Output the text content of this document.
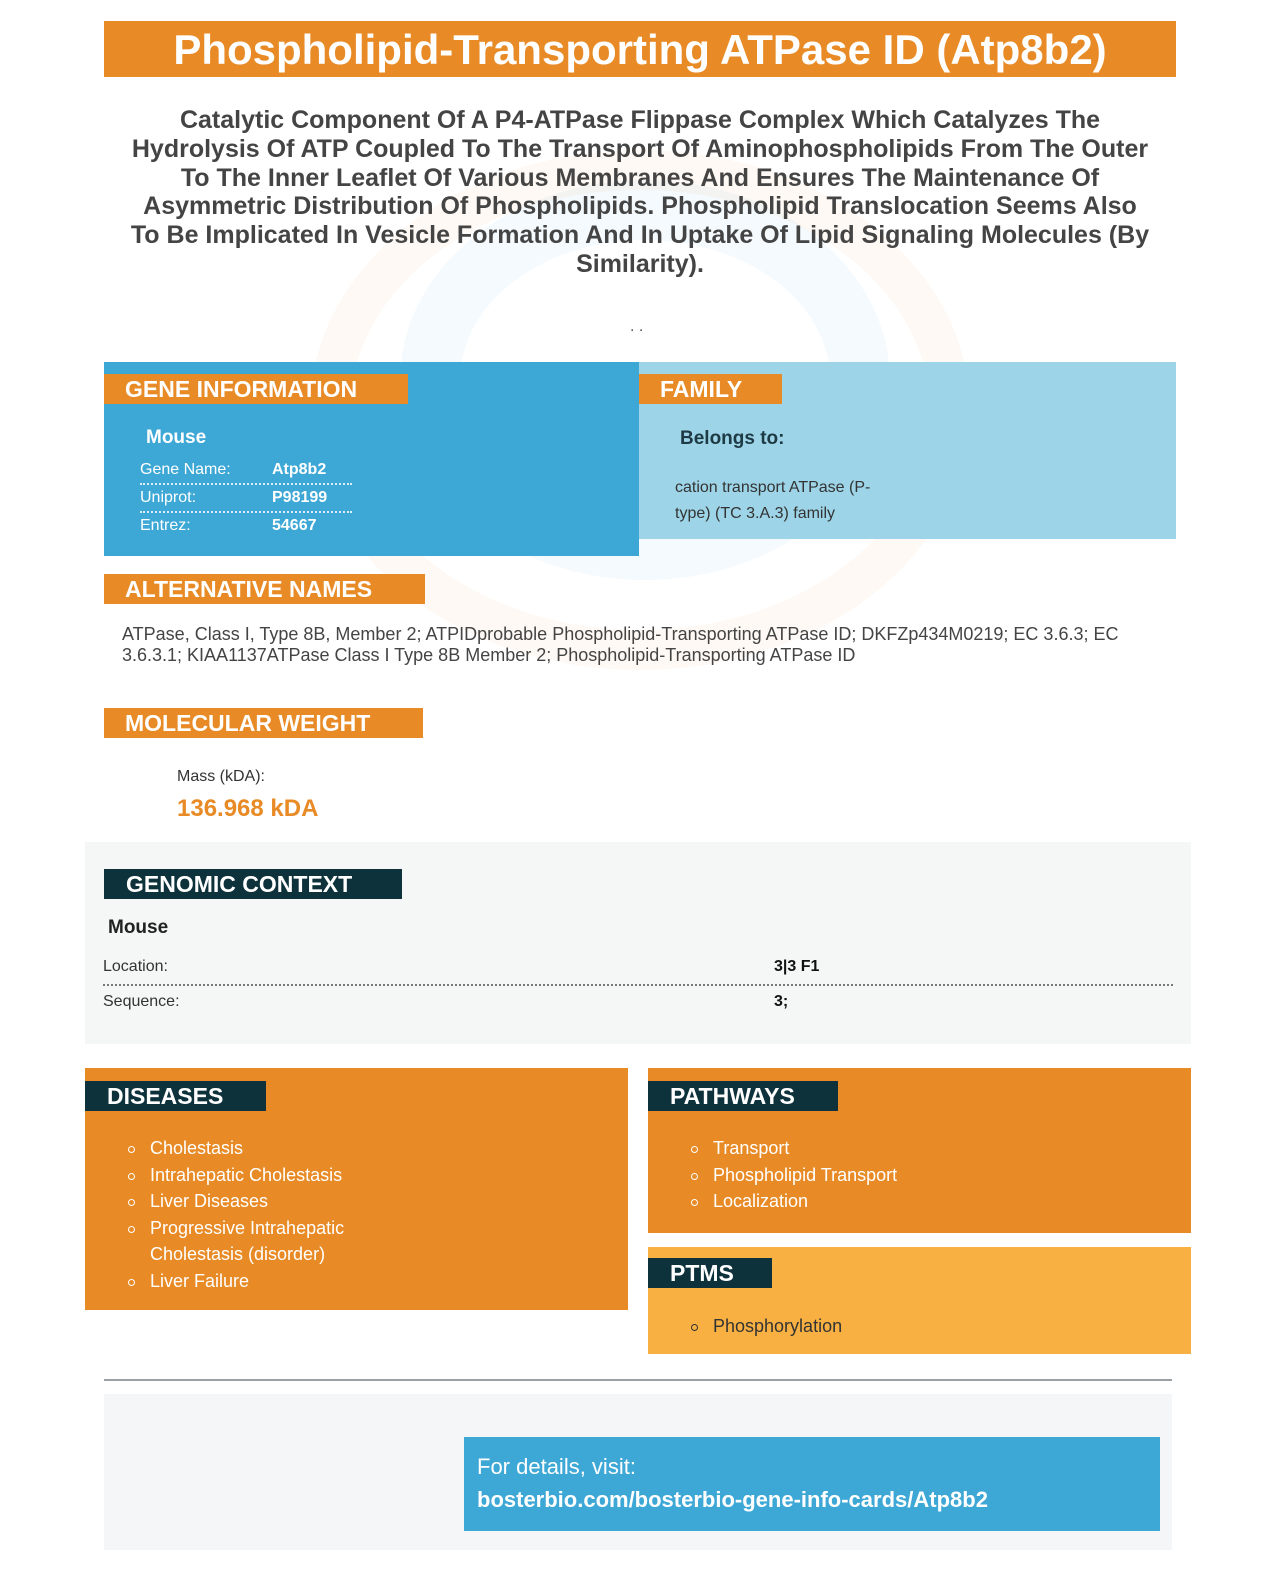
Phospholipid-Transporting ATPase ID (Atp8b2)
Catalytic Component Of A P4-ATPase Flippase Complex Which Catalyzes The Hydrolysis Of ATP Coupled To The Transport Of Aminophospholipids From The Outer To The Inner Leaflet Of Various Membranes And Ensures The Maintenance Of Asymmetric Distribution Of Phospholipids. Phospholipid Translocation Seems Also To Be Implicated In Vesicle Formation And In Uptake Of Lipid Signaling Molecules (By Similarity).
. .
GENE INFORMATION
Mouse
Gene Name:	Atp8b2
Uniprot:	P98199
Entrez:	54667
FAMILY
Belongs to:
cation transport ATPase (P-type) (TC 3.A.3) family
ALTERNATIVE NAMES
ATPase, Class I, Type 8B, Member 2; ATPIDprobable Phospholipid-Transporting ATPase ID; DKFZp434M0219; EC 3.6.3; EC 3.6.3.1; KIAA1137ATPase Class I Type 8B Member 2; Phospholipid-Transporting ATPase ID
MOLECULAR WEIGHT
Mass (kDA):
136.968 kDA
GENOMIC CONTEXT
Mouse
Location:	3|3 F1
Sequence:	3;
DISEASES
Cholestasis
Intrahepatic Cholestasis
Liver Diseases
Progressive Intrahepatic Cholestasis (disorder)
Liver Failure
PATHWAYS
Transport
Phospholipid Transport
Localization
PTMS
Phosphorylation
For details, visit:
bosterbio.com/bosterbio-gene-info-cards/Atp8b2
